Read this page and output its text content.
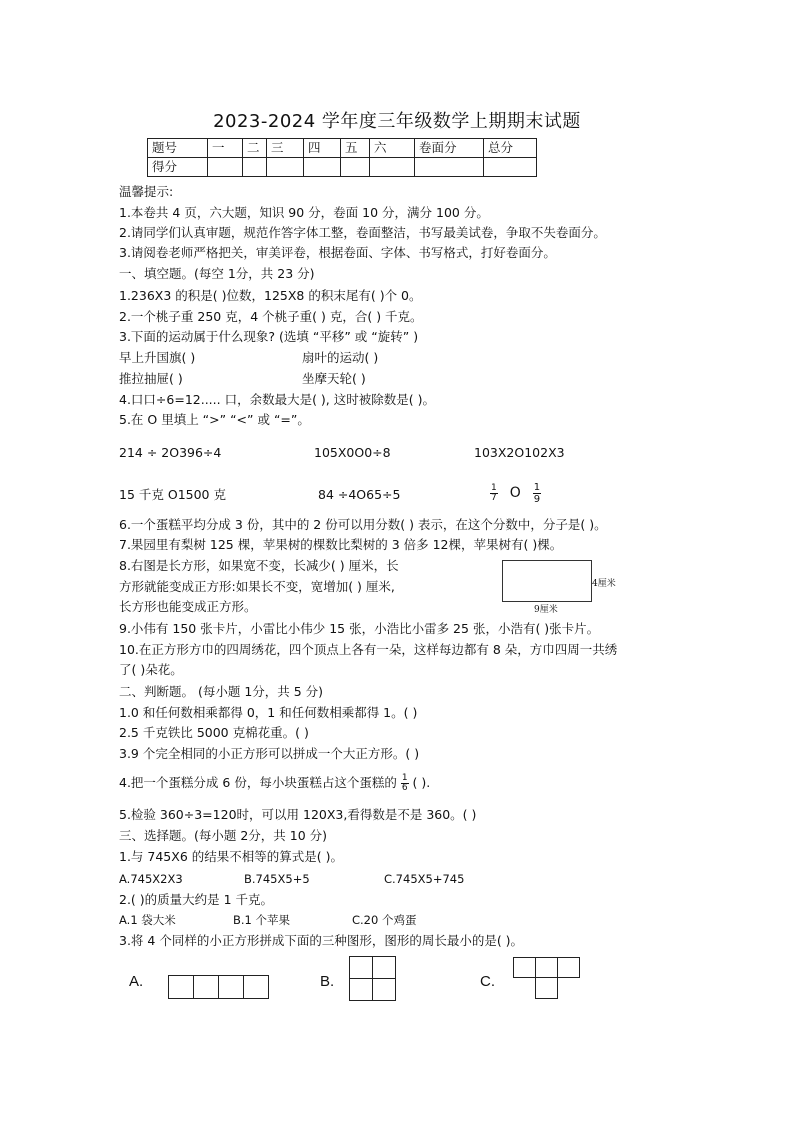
2023-2024 学年度三年级数学上期期末试题
题号	一	二	三	四	五	六	卷面分	总分
得分								
温馨提示:
1.本卷共 4 页，六大题，知识 90 分，卷面 10 分，满分 100 分。
2.请同学们认真审题，规范作答字体工整，卷面整洁，书写最美试卷，争取不失卷面分。
3.请阅卷老师严格把关，审美评卷，根据卷面、字体、书写格式，打好卷面分。
一、填空题。(每空 1分，共 23 分)
1.236X3 的积是( )位数，125X8 的积末尾有( )个 0。
2.一个桃子重 250 克，4 个桃子重( ) 克，合( ) 千克。
3.下面的运动属于什么现象? (选填 “平移” 或 “旋转” )
早上升国旗( )	扇叶的运动( )
推拉抽屉( )	坐摩天轮( )
4.口口÷6=12..... 口，余数最大是( ), 这时被除数是( )。
5.在 O 里填上 “>” “<” 或 “=”。
214 ÷ 2O396÷4	105X0O0÷8	103X2O102X3
15 千克 O1500 克	84 ÷4O65÷5	$\frac{1}{7}$ O $\frac{1}{9}$
6.一个蛋糕平均分成 3 份，其中的 2 份可以用分数( ) 表示，在这个分数中，分子是( )。
7.果园里有梨树 125 棵，苹果树的棵数比梨树的 3 倍多 12棵，苹果树有( )棵。
8.右图是长方形，如果宽不变，长减少( ) 厘米，长
方形就能变成正方形:如果长不变，宽增加( ) 厘米,
长方形也能变成正方形。
4厘米
9厘米
9.小伟有 150 张卡片，小雷比小伟少 15 张，小浩比小雷多 25 张，小浩有( )张卡片。
10.在正方形方巾的四周绣花，四个顶点上各有一朵，这样每边都有 8 朵，方巾四周一共绣
了( )朵花。
二、判断题。 (每小题 1分，共 5 分)
1.0 和任何数相乘都得 0，1 和任何数相乘都得 1。( )
2.5 千克铁比 5000 克棉花重。( )
3.9 个完全相同的小正方形可以拼成一个大正方形。( )
4.把一个蛋糕分成 6 份，每小块蛋糕占这个蛋糕的 $\frac{1}{6}$ ( ).
5.检验 360÷3=120时，可以用 120X3,看得数是不是 360。( )
三、选择题。(每小题 2分，共 10 分)
1.与 745X6 的结果不相等的算式是( )。
A.745X2X3	B.745X5+5	C.745X5+745
2.( )的质量大约是 1 千克。
A.1 袋大米	B.1 个苹果	C.20 个鸡蛋
3.将 4 个同样的小正方形拼成下面的三种图形，图形的周长最小的是( )。
A.	B.	C.
